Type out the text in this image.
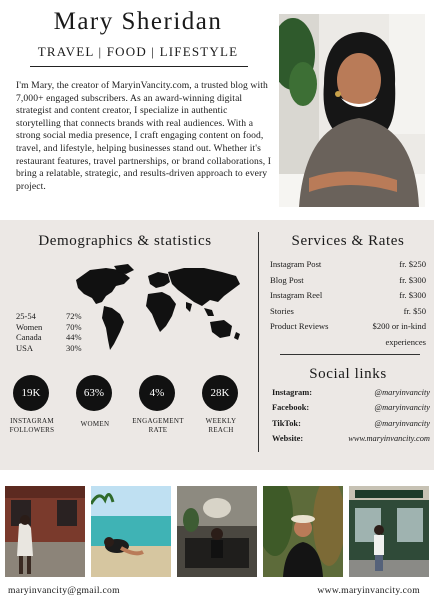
Mary Sheridan
TRAVEL | FOOD | LIFESTYLE
I'm Mary, the creator of MaryinVancity.com, a trusted blog with 7,000+ engaged subscribers. As an award-winning digital strategist and content creator, I specialize in authentic storytelling that connects brands with real audiences. With a strong social media presence, I craft engaging content on food, travel, and lifestyle, helping businesses stand out. Whether it's restaurant features, travel partnerships, or brand collaborations, I bring a relatable, strategic, and results-driven approach to every project.
Demographics & statistics
25-54	72%
Women	70%
Canada	44%
USA	30%
19K
INSTAGRAM
FOLLOWERS
63%
WOMEN
4%
ENGAGEMENT
RATE
28K
WEEKLY
REACH
Services & Rates
Instagram Post	fr. $250
Blog Post	fr. $300
Instagram Reel	fr. $300
Stories	fr. $50
Product Reviews	$200 or in-kind
experiences
Social links
Instagram:	@maryinvancity
Facebook:	@maryinvancity
TikTok:	@maryinvancity
Website:	www.maryinvancity.com
maryinvancity@gmail.com	www.maryinvancity.com
